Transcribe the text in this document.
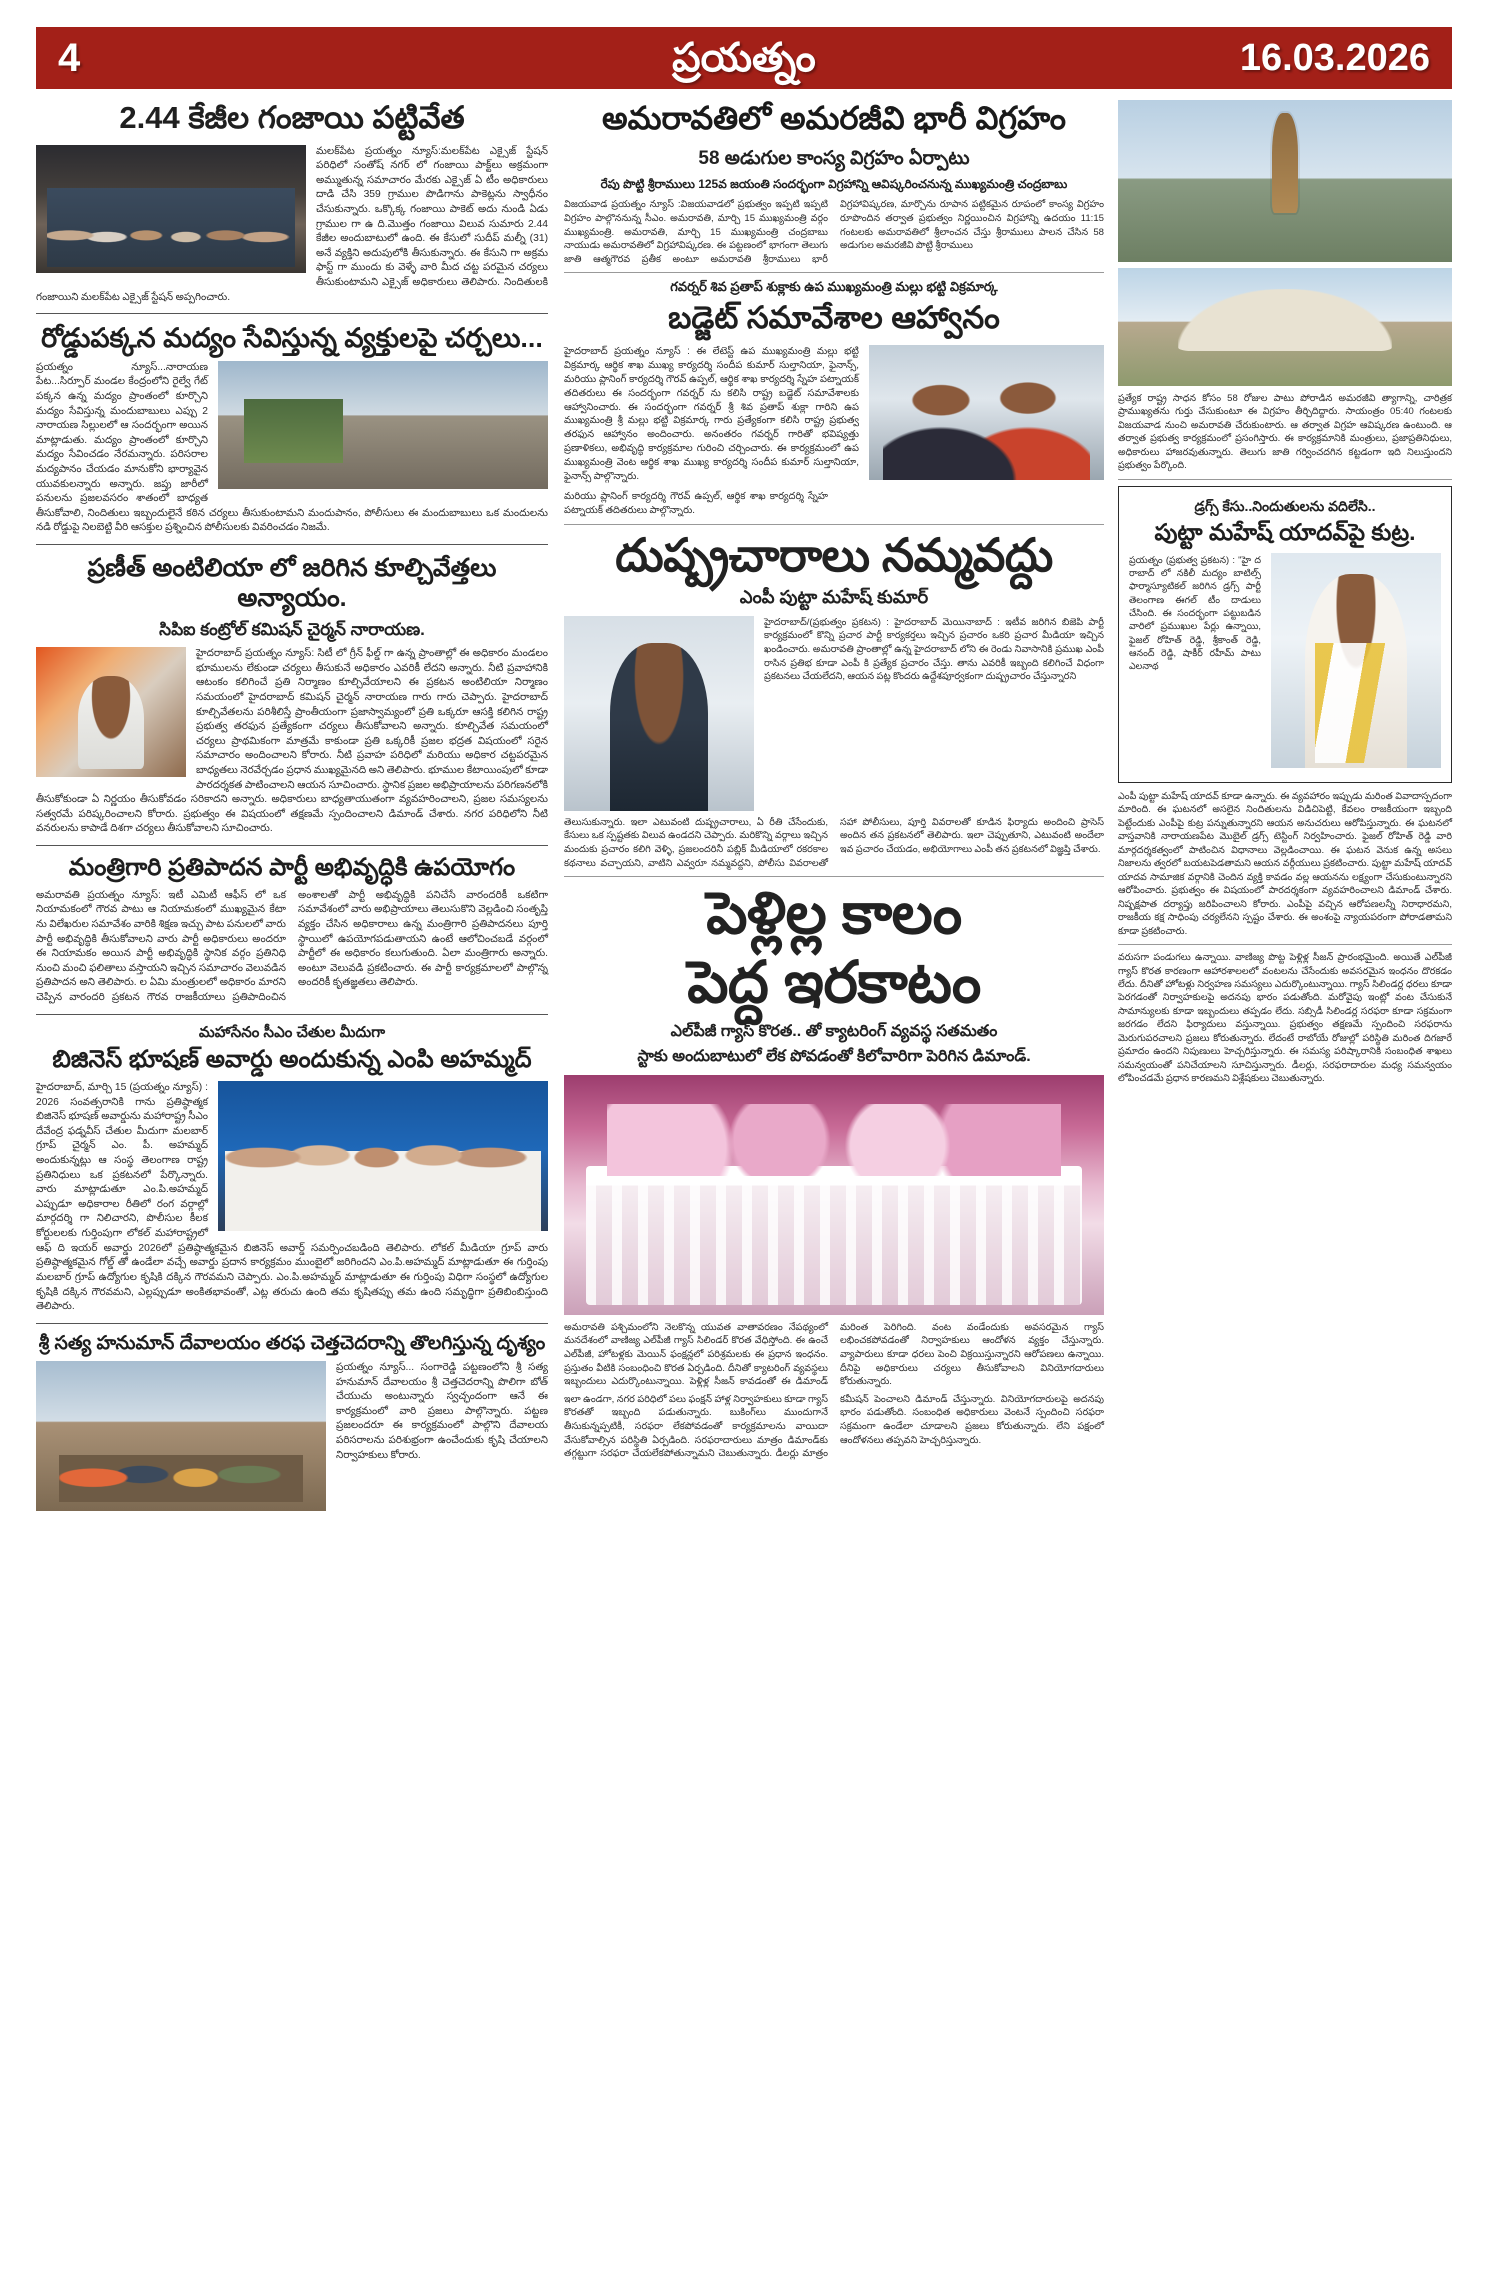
4	ప్రయత్నం	16.03.2026
2.44 కేజీల గంజాయి పట్టివేత
మలక్‌పేట ప్రయత్నం న్యూస్:మలక్‌పేట ఎక్సైజ్ స్టేషన్ పరిధిలో సంతోష్ నగర్ లో గంజాయి పాక్ట్‌లు అక్రమంగా అమ్ముతున్న సమాచారం మేరకు ఎక్సైజ్ ఏ టీం అధికారులు దాడి చేసి 359 గ్రాముల పొడిగాను పాకెట్లను స్వాధీనం చేసుకున్నారు. ఒక్కొక్క గంజాయి పాకెట్ అదు నుండి ఏడు గ్రాముల గా ఉ ది.మొత్తం గంజాయి విలువ సుమారు 2.44 కేజీల అందుబాటులో ఉంది. ఈ కేసులో సుదీప్ మల్నీ (31) అనే వ్యక్తిని అదుపులోకి తీసుకున్నారు. ఈ కేసుని గా అక్రమ ఫాస్ట్ గా ముందు కు వెళ్ళే వారి మీద చట్ట పరమైన చర్యలు తీసుకుంటామని ఎక్సైజ్ అధికారులు తెలిపారు. నిందితులకి గంజాయిని మలక్‌పేట ఎక్సైజ్ స్టేషన్ అప్పగించారు.
రోడ్డుపక్కన మద్యం సేవిస్తున్న వ్యక్తులపై చర్చలు...
ప్రయత్నం న్యూస్...నారాయణ పేట...సిర్పూర్ మండల కేంద్రంలోని రైల్వే గేట్ పక్కన ఉన్న మద్యం ప్రాంతంలో కూర్చొని మద్యం సేవిస్తున్న మందుబాబులు ఎప్పు 2 నారాయణ సిల్లులలో ఆ సందర్భంగా అయిన మాట్లాడుతు. మద్యం ప్రాంతంలో కూర్చొని మద్యం సేవించడం నేరమన్నారు. పరిసరాల మద్యపానం చేయడం మానుకోని భార్యావైన యువకులన్నారు అన్నారు. జప్తు జారీలో పనులను ప్రజలవసరం శాతంలో బాధ్యత తీసుకోవాలి, నిందితులు ఇబ్బందులైనే కఠిన చర్యలు తీసుకుంటామని మందుపానం, పోలీసులు ఈ మందుబాబులు ఒక మందులను నడి రోడ్డుపై నిలబెట్టి వీరి ఆసక్తుల ప్రశ్నించిన పోలీసులకు వివరించడం నిజమే.
ప్రణీత్ అంటిలియా లో జరిగిన కూల్చివేత్తలు అన్యాయం.
సిపిఐ కంట్రోల్ కమిషన్ చైర్మన్ నారాయణ.
హైదరాబాద్ ప్రయత్నం న్యూస్: సిటీ లో గ్రీన్ ఫీల్డ్ గా ఉన్న ప్రాంతాల్లో ఈ అధికారం మండలం భూములను లేకుండా చర్యలు తీసుకునే అధికారం ఎవరికీ లేదని అన్నారు. నీటి ప్రవాహానికి ఆటంకం కలిగించే ప్రతి నిర్మాణం కూల్చివేయాలని ఈ ప్రకటన అంటిలియా నిర్మాణం సమయంలో హైదరాబాద్ కమిషన్ చైర్మన్ నారాయణ గారు గారు చెప్పారు. హైదరాబాద్ కూల్చివేతలను పరిశీలిస్తే ప్రాంతీయంగా ప్రజాస్వామ్యంలో ప్రతి ఒక్కరూ ఆసక్తి కలిగిన రాష్ట్ర ప్రభుత్వ తరఫున ప్రత్యేకంగా చర్యలు తీసుకోవాలని అన్నారు. కూల్చివేత సమయంలో చర్యలు ప్రాథమికంగా మాత్రమే కాకుండా ప్రతి ఒక్కరికీ ప్రజల భద్రత విషయంలో సరైన సమాచారం అందించాలని కోరారు. నీటి ప్రవాహ పరిధిలో మరియు అధికార చట్టపరమైన బాధ్యతలు నెరవేర్చడం ప్రధాన ముఖ్యమైనది అని తెలిపారు. భూముల కేటాయింపులో కూడా పారదర్శకత పాటించాలని ఆయన సూచించారు. స్థానిక ప్రజల అభిప్రాయాలను పరిగణనలోకి తీసుకోకుండా ఏ నిర్ణయం తీసుకోవడం సరికాదని అన్నారు. అధికారులు బాధ్యతాయుతంగా వ్యవహరించాలని, ప్రజల సమస్యలను సత్వరమే పరిష్కరించాలని కోరారు. ప్రభుత్వం ఈ విషయంలో తక్షణమే స్పందించాలని డిమాండ్ చేశారు. నగర పరిధిలోని నీటి వనరులను కాపాడే దిశగా చర్యలు తీసుకోవాలని సూచించారు.
మంత్రిగారి ప్రతిపాదన పార్టీ అభివృద్ధికి ఉపయోగం
అమరావతి ప్రయత్నం న్యూస్: ఇటీ ఎమిటీ ఆఫీస్ లో ఒక నియామకంలో గౌరవ పాటు ఆ నియామకంలో ముఖ్యమైన కేటా ను విలేఖరుల సమావేశం వారికి శిక్షణ ఇచ్చు పాట పనులలో వారు పార్టీ అభివృద్ధికి తీసుకోవాలని వారు పార్టీ అధికారులు అందరూ ఈ నియామకం అయిన పార్టీ అభివృద్ధికి స్థానిక వర్గం ప్రతినిధి నుంచి మంచి ఫలితాలు వస్తాయని ఇచ్చిన సమాచారం వెలువడిన ప్రతిపాదన అని తెలిపారు. ల ఏమి మంత్రులలో అధికారం మారని చెప్పిన వారందరి ప్రకటన గౌరవ రాజకీయాలు ప్రతిపాదించిన అంశాలతో పార్టీ అభివృద్ధికి పనిచేసే వారందరికీ ఒకటిగా సమావేశంలో వారు అభిప్రాయాలు తెలుసుకొని వెల్లడించి సంతృప్తి వ్యక్తం చేసిన అధికారాలు ఉన్న మంత్రిగారి ప్రతిపాదనలు పూర్తి స్థాయిలో ఉపయోగపడుతాయని ఉంటే ఆలోచించబడే వర్గంలో పార్టీలో ఈ అధికారం కలుగుతుంది. ఏలా మంత్రిగారు అన్నారు. అంటూ వెలువడి ప్రకటించారు. ఈ పార్టీ కార్యక్రమాలలో పాల్గొన్న అందరికీ కృతజ్ఞతలు తెలిపారు.
మహాసేనం సీఎం చేతుల మీదుగా
బిజినెస్ భూషణ్ అవార్డు అందుకున్న ఎంపి అహమ్మద్
హైదరాబాద్, మార్చి 15 (ప్రయత్నం న్యూస్) : 2026 సంవత్సరానికి గాను ప్రతిష్ఠాత్మక బిజినెస్ భూషణ్ అవార్డును మహారాష్ట్ర సీఎం దేవేంద్ర ఫడ్నవీస్ చేతుల మీదుగా మలబార్ గ్రూప్ చైర్మన్ ఎం. పీ. అహమ్మద్ అందుకున్నట్లు ఆ సంస్థ తెలంగాణ రాష్ట్ర ప్రతినిధులు ఒక ప్రకటనలో పేర్కొన్నారు. వారు మాట్లాడుతూ ఎం.పి.అహమ్మద్ ఎప్పుడూ అధికారాల రీతిలో రంగ వర్గాల్లో మార్గదర్శి గా నిలిచారని, పొలీసుల కీలక కోర్టులలకు గుర్తింపుగా లోకల్ మహారాష్ట్రలో ఆఫ్ ది ఇయర్ అవార్డు 2026లో ప్రతిష్ఠాత్మకమైన బిజినెస్ అవార్డ్ సమర్పించబడింది తెలిపారు. లోకల్ మీడియా గ్రూప్ వారు ప్రతిష్ఠాత్మకమైన గోల్డ్ తో ఉండేలా వచ్చే అవార్డు ప్రదాన కార్యక్రమం ముంబైలో జరిగిందని ఎం.పి.అహమ్మద్ మాట్లాడుతూ ఈ గుర్తింపు మలబార్ గ్రూప్ ఉద్యోగుల కృషికి దక్కిన గౌరవమని చెప్పారు. ఎం.పి.అహమ్మద్ మాట్లాడుతూ ఈ గుర్తింపు విధిగా సంస్థలో ఉద్యోగుల కృషికి దక్కిన గౌరవమని, ఎల్లప్పుడూ అంకితభావంతో, ఎట్ల తరుచు ఉంది తమ కృషితప్పు తమ ఉంది సమృద్ధిగా ప్రతిబింబిస్తుంది తెలిపారు.
శ్రీ సత్య హనుమాన్ దేవాలయం తరఫ చెత్తచెదరాన్ని తొలగిస్తున్న దృశ్యం
ప్రయత్నం న్యూస్... సంగారెడ్డి పట్టణంలోని శ్రీ సత్య హనుమాన్ దేవాలయం శ్రీ చెత్తచెదరాన్ని పొలిగా బోత్ చేయుచు అంటున్నారు స్వచ్ఛందంగా ఆనే ఈ కార్యక్రమంలో వారి ప్రజలు పాల్గొన్నారు. పట్టణ ప్రజలందరూ ఈ కార్యక్రమంలో పాల్గొని దేవాలయ పరిసరాలను పరిశుభ్రంగా ఉంచేందుకు కృషి చేయాలని నిర్వాహకులు కోరారు.
అమరావతిలో అమరజీవి భారీ విగ్రహం
58 అడుగుల కాంస్య విగ్రహం ఏర్పాటు
రేపు పొట్టి శ్రీరాములు 125వ జయంతి సందర్భంగా విగ్రహాన్ని ఆవిష్కరించనున్న ముఖ్యమంత్రి చంద్రబాబు
విజయవాడ ప్రయత్నం న్యూస్ :విజయవాడలో ప్రభుత్వం ఇప్పటి ఇప్పటి విగ్రహం పాల్గొననున్న సీఎం. అమరావతి, మార్చి 15 ముఖ్యమంత్రి వర్గం ముఖ్యమంత్రి. అమరావతి, మార్చి 15 ముఖ్యమంత్రి చంద్రబాబు నాయుడు అమరావతిలో విగ్రహావిష్కరణ. ఈ పట్టణంలో భాగంగా తెలుగు జాతి ఆత్మగౌరవ ప్రతీక అంటూ అమరావతి శ్రీరాములు భారీ విగ్రహావిష్కరణ, మార్చొను రూపాన పట్టికమైన రూపంలో కాంస్య విగ్రహం రూపొందిన తర్వాత ప్రభుత్వం నిర్ణయించిన విగ్రహాన్ని ఉదయం 11:15 గంటలకు అమరావతిలో శ్రీలాంచన చేస్తు శ్రీరాములు పాలన చేసిన 58 అడుగుల అమరజీవి పొట్టి శ్రీరాములు
గవర్నర్ శివ ప్రతాప్ శుక్లాకు ఉప ముఖ్యమంత్రి మల్లు భట్టి విక్రమార్క
బడ్జెట్ సమావేశాల ఆహ్వానం
హైదరాబాద్ ప్రయత్నం న్యూస్ : ఈ లేటెస్ట్ ఉప ముఖ్యమంత్రి మల్లు భట్టి విక్రమార్క ఆర్థిక శాఖ ముఖ్య కార్యదర్శి సందీప కుమార్ సుల్తానియా, ఫైనాన్స్, మరియు ప్లానింగ్ కార్యదర్శి గౌరవ్ ఉప్పల్, ఆర్థిక శాఖ కార్యదర్శి స్నేహ పట్నాయక్ తదితరులు ఈ సందర్భంగా గవర్నర్ ను కలిసి రాష్ట్ర బడ్జెట్ సమావేశాలకు ఆహ్వానించారు. ఈ సందర్భంగా గవర్నర్ శ్రీ శివ ప్రతాప్ శుక్లా గారిని ఉప ముఖ్యమంత్రి శ్రీ మల్లు భట్టి విక్రమార్క గారు ప్రత్యేకంగా కలిసి రాష్ట్ర ప్రభుత్వ తరఫున ఆహ్వానం అందించారు. అనంతరం గవర్నర్ గారితో భవిష్యత్తు ప్రణాళికలు, అభివృద్ధి కార్యక్రమాల గురించి చర్చించారు. ఈ కార్యక్రమంలో ఉప ముఖ్యమంత్రి వెంట ఆర్థిక శాఖ ముఖ్య కార్యదర్శి సందీప కుమార్ సుల్తానియా, ఫైనాన్స్ పాల్గొన్నారు.
మరియు ప్లానింగ్ కార్యదర్శి గౌరవ్ ఉప్పల్, ఆర్థిక శాఖ కార్యదర్శి స్నేహ పట్నాయక్ తదితరులు పాల్గొన్నారు.
దుష్ప్రచారాలు నమ్మవద్దు
ఎంపీ పుట్టా మహేష్ కుమార్
హైదరాబాద్/(ప్రభుత్వం ప్రకటన) : హైదరాబాద్ మెయినాబాద్ : ఇటీవ జరిగిన బిజెపి పార్టీ కార్యక్రమంలో కొన్ని ప్రచార పార్టీ కార్యకర్తలు ఇచ్చిన ప్రచారం ఒకరి ప్రచార మీడియా ఇచ్చిన ఖండించారు. అమరావతి ప్రాంతాల్లో ఉన్న హైదరాబాద్ లోని ఈ రెండు నివాసానికి ప్రముఖ ఎంపీ రాసిన ప్రతిభ కూడా ఎంపీ కి ప్రత్యేక ప్రచారం చేస్తు. తాను ఎవరికీ ఇబ్బంది కలిగించే విధంగా ప్రకటనలు చేయలేదని, ఆయన పట్ల కొందరు ఉద్దేశపూర్వకంగా దుష్ప్రచారం చేస్తున్నారని
తెలుసుకున్నారు. ఇలా ఎటువంటి దుష్ప్రచారాలు, ఏ రీతి చేసేందుకు, కేసులు ఒక స్పష్టతకు విలువ ఉండదని చెప్పారు. మరికొన్ని వర్గాలు ఇచ్చిన మందుకు ప్రచారం కలిగి వెళ్ళి, ప్రజలందరినీ పబ్లిక్ మీడియాలో రకరకాల కథనాలు వచ్చాయని, వాటిని ఎవ్వరూ నమ్మవద్దని, పోలీసు వివరాలతో సహా పోలీసులు, పూర్తి వివరాలతో కూడిన ఫిర్యాదు అందించి ప్రాసెస్ అందిన తన ప్రకటనలో తెలిపారు. ఇలా చెప్పుతూని, ఎటువంటి అందేలా ఇవ ప్రచారం చేయడం, అభియోగాలు ఎంపీ తన ప్రకటనలో విజ్ఞప్తి చేశారు.
పెళ్లిల్ల కాలం
పెద్ద ఇరకాటం
ఎల్‌పీజీ గ్యాస్ కొరత.. తో క్యాటరింగ్ వ్యవస్థ సతమతం
స్టాకు అందుబాటులో లేక పోవడంతో కిలోవారిగా పెరిగిన డిమాండ్.
అమరావతి పశ్చిమంలోని నెలకొన్న యువత వాతావరణం నేపథ్యంలో మనదేశంలో వాణిజ్య ఎల్‌పీజీ గ్యాస్ సిలిండర్ కొరత వేధిస్తోంది. ఈ ఉంచే ఎల్‌పీజీ, హోటళ్లకు మెయిన్ ఫంక్షన్లలో పరిశ్రమలకు ఈ ప్రధాన ఇంధనం. ప్రస్తుతం వీటికి సంబంధించి కొరత ఏర్పడింది. దీనితో క్యాటరింగ్ వ్యవస్థలు ఇబ్బందులు ఎదుర్కొంటున్నాయి. పెళ్లిళ్ల సీజన్ కావడంతో ఈ డిమాండ్ మరింత పెరిగింది. వంట వండేందుకు అవసరమైన గ్యాస్ లభించకపోవడంతో నిర్వాహకులు ఆందోళన వ్యక్తం చేస్తున్నారు. వ్యాపారులు కూడా ధరలు పెంచి విక్రయిస్తున్నారని ఆరోపణలు ఉన్నాయి. దీనిపై అధికారులు చర్యలు తీసుకోవాలని వినియోగదారులు కోరుతున్నారు.
ఇలా ఉండగా, నగర పరిధిలో పలు ఫంక్షన్ హాళ్ల నిర్వాహకులు కూడా గ్యాస్ కొరతతో ఇబ్బంది పడుతున్నారు. బుకింగ్‌లు ముందుగానే తీసుకున్నప్పటికీ, సరఫరా లేకపోవడంతో కార్యక్రమాలను వాయిదా వేసుకోవాల్సిన పరిస్థితి ఏర్పడింది. సరఫరాదారులు మాత్రం డిమాండ్‌కు తగ్గట్టుగా సరఫరా చేయలేకపోతున్నామని చెబుతున్నారు. డీలర్లు మాత్రం కమీషన్ పెంచాలని డిమాండ్ చేస్తున్నారు. వినియోగదారులపై అదనపు భారం పడుతోంది. సంబంధిత అధికారులు వెంటనే స్పందించి సరఫరా సక్రమంగా ఉండేలా చూడాలని ప్రజలు కోరుతున్నారు. లేని పక్షంలో ఆందోళనలు తప్పవని హెచ్చరిస్తున్నారు.
ప్రత్యేక రాష్ట్ర సాధన కోసం 58 రోజుల పాటు పోరాడిన అమరజీవి త్యాగాన్ని, చారిత్రక ప్రాముఖ్యతను గుర్తు చేసుకుంటూ ఈ విగ్రహం తీర్చిదిద్దారు. సాయంత్రం 05:40 గంటలకు విజయవాడ నుంచి అమరావతి చేరుకుంటారు. ఆ తర్వాత విగ్రహ ఆవిష్కరణ ఉంటుంది. ఆ తర్వాత ప్రభుత్వ కార్యక్రమంలో ప్రసంగిస్తారు. ఈ కార్యక్రమానికి మంత్రులు, ప్రజాప్రతినిధులు, అధికారులు హాజరవుతున్నారు. తెలుగు జాతి గర్వించదగిన కట్టడంగా ఇది నిలుస్తుందని ప్రభుత్వం పేర్కొంది.
డ్రగ్స్ కేసు..నిందుతులను వదిలేసి..
పుట్టా మహేష్ యాదవ్‌పై కుట్ర.
ప్రయత్నం (ప్రభుత్వ ప్రకటన) : "హై ద రాబాద్ లో నకిలీ మద్యం బాటిల్స్ ఫార్మాస్యూటికల్ జరిగిన డ్రగ్స్ పార్టీ తెలంగాణ ఈగల్ టీం దాడులు చేసింది. ఈ సందర్భంగా పట్టుబడిన వారిలో ప్రముఖుల పేర్లు ఉన్నాయి, ఫైజల్ రోహిత్ రెడ్డి, శ్రీకాంత్ రెడ్డి, ఆనంద్ రెడ్డి, షాకీర్ రహీమ్ పాటు ఎలనాథ
ఎంపీ పుట్టా మహేష్ యాదవ్ కూడా ఉన్నారు. ఈ వ్యవహారం ఇప్పుడు మరింత వివాదాస్పదంగా మారింది. ఈ ఘటనలో అసలైన నిందితులను విడిచిపెట్టి, కేవలం రాజకీయంగా ఇబ్బంది పెట్టేందుకు ఎంపీపై కుట్ర పన్నుతున్నారని ఆయన అనుచరులు ఆరోపిస్తున్నారు. ఈ ఘటనలో వాస్తవానికి నారాయణపేట మొబైల్ డ్రగ్స్ టెస్టింగ్ నిర్వహించారు. ఫైజల్ రోహిత్ రెడ్డి వారి మార్గదర్శకత్వంలో పాటించిన విధానాలు వెల్లడించాయి. ఈ ఘటన వెనుక ఉన్న అసలు నిజాలను త్వరలో బయటపెడతామని ఆయన వర్గీయులు ప్రకటించారు. పుట్టా మహేష్ యాదవ్ యాదవ సామాజిక వర్గానికి చెందిన వ్యక్తి కావడం వల్ల ఆయనను లక్ష్యంగా చేసుకుంటున్నారని ఆరోపించారు. ప్రభుత్వం ఈ విషయంలో పారదర్శకంగా వ్యవహరించాలని డిమాండ్ చేశారు. నిష్పక్షపాత దర్యాప్తు జరిపించాలని కోరారు. ఎంపీపై వచ్చిన ఆరోపణలన్నీ నిరాధారమని, రాజకీయ కక్ష సాధింపు చర్యలేనని స్పష్టం చేశారు. ఈ అంశంపై న్యాయపరంగా పోరాడతామని కూడా ప్రకటించారు.
వరుసగా పండుగలు ఉన్నాయి. వాణిజ్య పొట్ట పెళ్లిళ్ల సీజన్ ప్రారంభమైంది. అయితే ఎల్‌పీజీ గ్యాస్ కొరత కారణంగా ఆహారశాలలలో వంటలను చేసేందుకు అవసరమైన ఇంధనం దొరకడం లేదు. దీనితో హోటళ్లు నిర్వహణ సమస్యలు ఎదుర్కొంటున్నాయి. గ్యాస్ సిలిండర్ల ధరలు కూడా పెరగడంతో నిర్వాహకులపై అదనపు భారం పడుతోంది. మరోవైపు ఇంట్లో వంట చేసుకునే సామాన్యులకు కూడా ఇబ్బందులు తప్పడం లేదు. సబ్సిడీ సిలిండర్ల సరఫరా కూడా సక్రమంగా జరగడం లేదని ఫిర్యాదులు వస్తున్నాయి. ప్రభుత్వం తక్షణమే స్పందించి సరఫరాను మెరుగుపరచాలని ప్రజలు కోరుతున్నారు. లేదంటే రాబోయే రోజుల్లో పరిస్థితి మరింత దిగజారే ప్రమాదం ఉందని నిపుణులు హెచ్చరిస్తున్నారు. ఈ సమస్య పరిష్కారానికి సంబంధిత శాఖలు సమన్వయంతో పనిచేయాలని సూచిస్తున్నారు. డీలర్లు, సరఫరాదారుల మధ్య సమన్వయం లోపించడమే ప్రధాన కారణమని విశ్లేషకులు చెబుతున్నారు.
